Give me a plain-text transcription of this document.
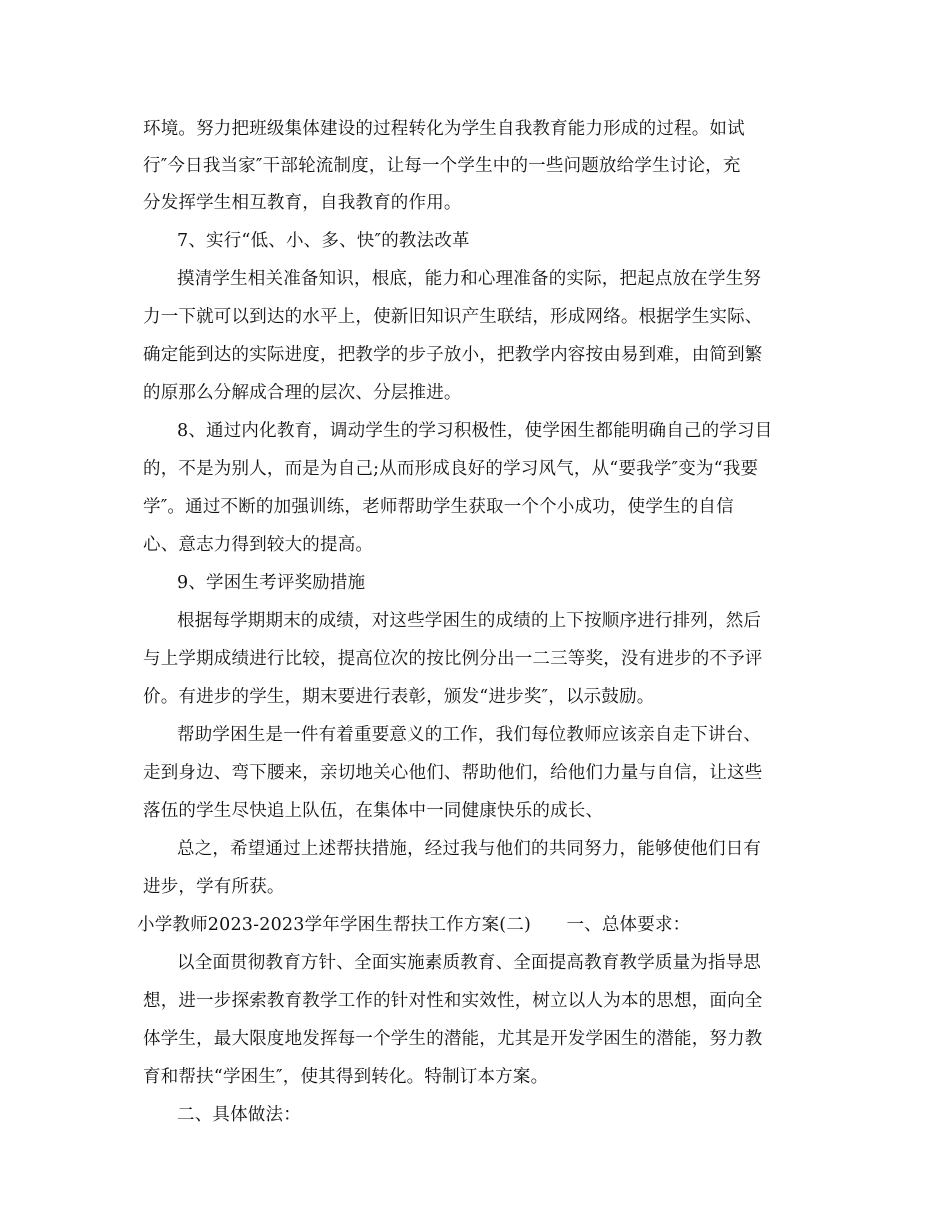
环境。努力把班级集体建设的过程转化为学生自我教育能力形成的过程。如试
行″今日我当家″干部轮流制度，让每一个学生中的一些问题放给学生讨论，充
分发挥学生相互教育，自我教育的作用。
7、实行“低、小、多、快″的教法改革
摸清学生相关准备知识，根底，能力和心理准备的实际，把起点放在学生努
力一下就可以到达的水平上，使新旧知识产生联结，形成网络。根据学生实际、
确定能到达的实际进度，把教学的步子放小，把教学内容按由易到难，由简到繁
的原那么分解成合理的层次、分层推进。
8、通过内化教育，调动学生的学习积极性，使学困生都能明确自己的学习目
的，不是为别人，而是为自己;从而形成良好的学习风气，从“要我学″变为“我要
学″。通过不断的加强训练，老师帮助学生获取一个个小成功，使学生的自信
心、意志力得到较大的提高。
9、学困生考评奖励措施
根据每学期期末的成绩，对这些学困生的成绩的上下按顺序进行排列，然后
与上学期成绩进行比较，提高位次的按比例分出一二三等奖，没有进步的不予评
价。有进步的学生，期末要进行表彰，颁发“进步奖″，以示鼓励。
帮助学困生是一件有着重要意义的工作，我们每位教师应该亲自走下讲台、
走到身边、弯下腰来，亲切地关心他们、帮助他们，给他们力量与自信，让这些
落伍的学生尽快追上队伍，在集体中一同健康快乐的成长、
总之，希望通过上述帮扶措施，经过我与他们的共同努力，能够使他们日有
进步，学有所获。
小学教师2023-2023学年学困生帮扶工作方案(二)　　一、总体要求：
以全面贯彻教育方针、全面实施素质教育、全面提高教育教学质量为指导思
想，进一步探索教育教学工作的针对性和实效性，树立以人为本的思想，面向全
体学生，最大限度地发挥每一个学生的潜能，尤其是开发学困生的潜能，努力教
育和帮扶“学困生″，使其得到转化。特制订本方案。
二、具体做法：
